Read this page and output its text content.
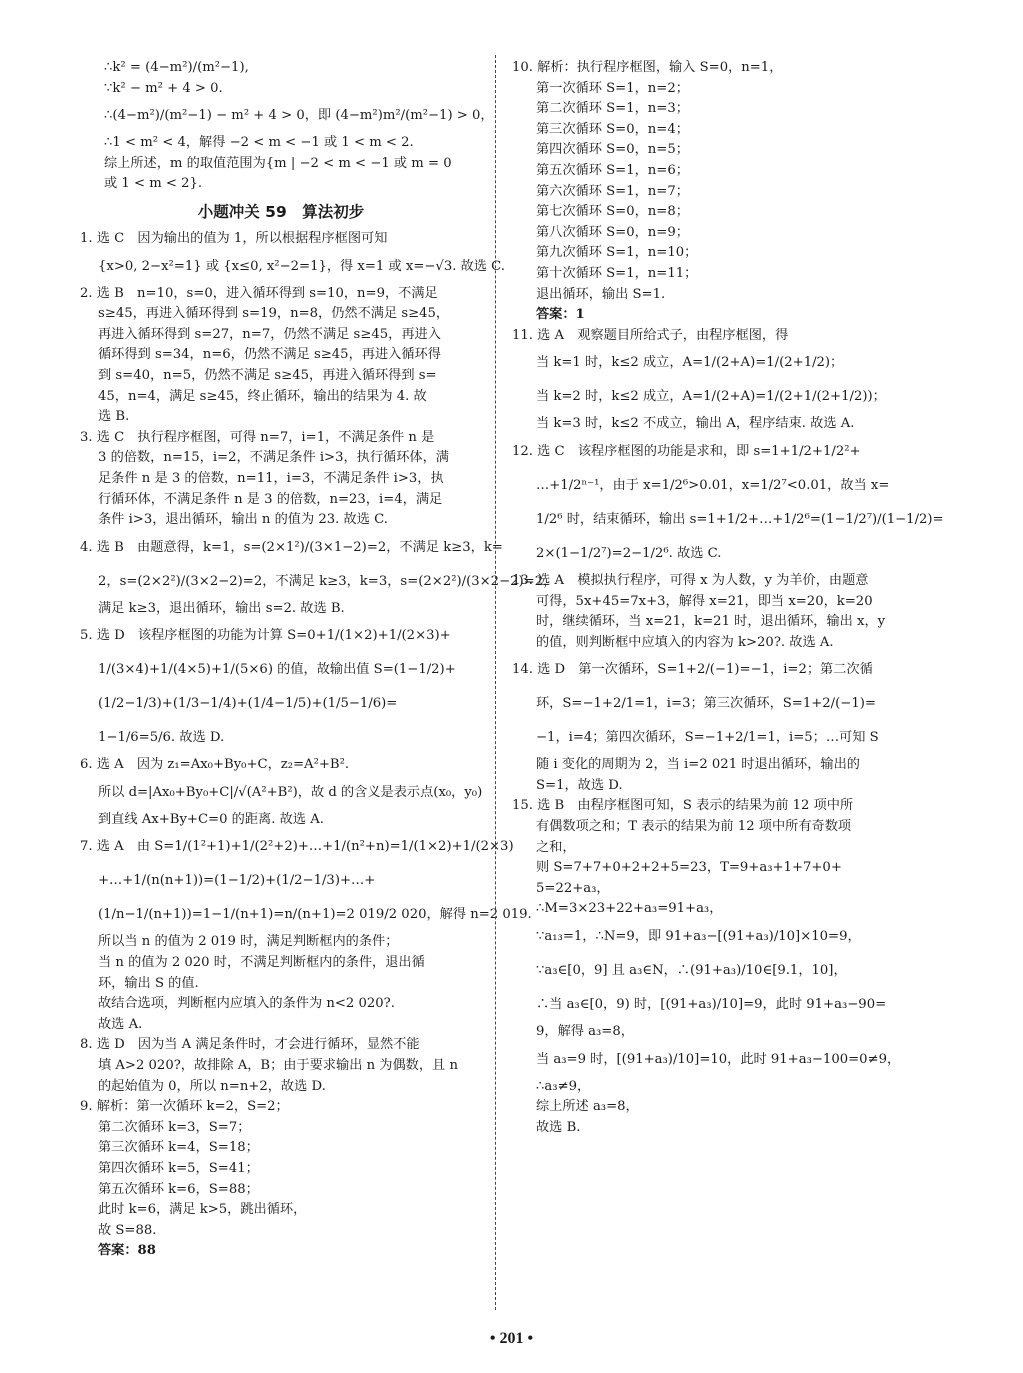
∴k² = (4−m²)/(m²−1),
∵k² − m² + 4 > 0.
∴(4−m²)/(m²−1) − m² + 4 > 0，即 (4−m²)m²/(m²−1) > 0，
∴1 < m² < 4，解得 −2 < m < −1 或 1 < m < 2.
综上所述，m 的取值范围为{m | −2 < m < −1 或 m = 0
或 1 < m < 2}.
小题冲关 59　算法初步
1. 选 C　因为输出的值为 1，所以根据程序框图可知
{x>0, 2−x²=1} 或 {x≤0, x²−2=1}，得 x=1 或 x=−√3. 故选 C.
2. 选 B　n=10，s=0，进入循环得到 s=10，n=9，不满足
s≥45，再进入循环得到 s=19，n=8，仍然不满足 s≥45，
再进入循环得到 s=27，n=7，仍然不满足 s≥45，再进入
循环得到 s=34，n=6，仍然不满足 s≥45，再进入循环得
到 s=40，n=5，仍然不满足 s≥45，再进入循环得到 s=
45，n=4，满足 s≥45，终止循环，输出的结果为 4. 故
选 B.
3. 选 C　执行程序框图，可得 n=7，i=1，不满足条件 n 是
3 的倍数，n=15，i=2，不满足条件 i>3，执行循环体，满
足条件 n 是 3 的倍数，n=11，i=3，不满足条件 i>3，执
行循环体，不满足条件 n 是 3 的倍数，n=23，i=4，满足
条件 i>3，退出循环，输出 n 的值为 23. 故选 C.
4. 选 B　由题意得，k=1，s=(2×1²)/(3×1−2)=2，不满足 k≥3，k=
2，s=(2×2²)/(3×2−2)=2，不满足 k≥3，k=3，s=(2×2²)/(3×2−2)=2，
满足 k≥3，退出循环，输出 s=2. 故选 B.
5. 选 D　该程序框图的功能为计算 S=0+1/(1×2)+1/(2×3)+
1/(3×4)+1/(4×5)+1/(5×6) 的值，故输出值 S=(1−1/2)+
(1/2−1/3)+(1/3−1/4)+(1/4−1/5)+(1/5−1/6)=
1−1/6=5/6. 故选 D.
6. 选 A　因为 z₁=Ax₀+By₀+C，z₂=A²+B².
所以 d=|Ax₀+By₀+C|/√(A²+B²)，故 d 的含义是表示点(x₀，y₀)
到直线 Ax+By+C=0 的距离. 故选 A.
7. 选 A　由 S=1/(1²+1)+1/(2²+2)+…+1/(n²+n)=1/(1×2)+1/(2×3)
+…+1/(n(n+1))=(1−1/2)+(1/2−1/3)+…+
(1/n−1/(n+1))=1−1/(n+1)=n/(n+1)=2 019/2 020，解得 n=2 019.
所以当 n 的值为 2 019 时，满足判断框内的条件；
当 n 的值为 2 020 时，不满足判断框内的条件，退出循
环，输出 S 的值.
故结合选项，判断框内应填入的条件为 n<2 020?.
故选 A.
8. 选 D　因为当 A 满足条件时，才会进行循环，显然不能
填 A>2 020?，故排除 A，B；由于要求输出 n 为偶数，且 n
的起始值为 0，所以 n=n+2，故选 D.
9. 解析：第一次循环 k=2，S=2；
第二次循环 k=3，S=7；
第三次循环 k=4，S=18；
第四次循环 k=5，S=41；
第五次循环 k=6，S=88；
此时 k=6，满足 k>5，跳出循环，
故 S=88.
答案：88
10. 解析：执行程序框图，输入 S=0，n=1，
第一次循环 S=1，n=2；
第二次循环 S=1，n=3；
第三次循环 S=0，n=4；
第四次循环 S=0，n=5；
第五次循环 S=1，n=6；
第六次循环 S=1，n=7；
第七次循环 S=0，n=8；
第八次循环 S=0，n=9；
第九次循环 S=1，n=10；
第十次循环 S=1，n=11；
退出循环，输出 S=1.
答案：1
11. 选 A　观察题目所给式子，由程序框图，得
当 k=1 时，k≤2 成立，A=1/(2+A)=1/(2+1/2)；
当 k=2 时，k≤2 成立，A=1/(2+A)=1/(2+1/(2+1/2))；
当 k=3 时，k≤2 不成立，输出 A，程序结束. 故选 A.
12. 选 C　该程序框图的功能是求和，即 s=1+1/2+1/2²+
…+1/2ⁿ⁻¹，由于 x=1/2⁶>0.01，x=1/2⁷<0.01，故当 x=
1/2⁶ 时，结束循环，输出 s=1+1/2+…+1/2⁶=(1−1/2⁷)/(1−1/2)=
2×(1−1/2⁷)=2−1/2⁶. 故选 C.
13. 选 A　模拟执行程序，可得 x 为人数，y 为羊价，由题意
可得，5x+45=7x+3，解得 x=21，即当 x=20，k=20
时，继续循环，当 x=21，k=21 时，退出循环，输出 x，y
的值，则判断框中应填入的内容为 k>20?. 故选 A.
14. 选 D　第一次循环，S=1+2/(−1)=−1，i=2；第二次循
环，S=−1+2/1=1，i=3；第三次循环，S=1+2/(−1)=
−1，i=4；第四次循环，S=−1+2/1=1，i=5；…可知 S
随 i 变化的周期为 2，当 i=2 021 时退出循环，输出的
S=1，故选 D.
15. 选 B　由程序框图可知，S 表示的结果为前 12 项中所
有偶数项之和；T 表示的结果为前 12 项中所有奇数项
之和，
则 S=7+7+0+2+2+5=23，T=9+a₃+1+7+0+
5=22+a₃，
∴M=3×23+22+a₃=91+a₃，
∵a₁₃=1，∴N=9，即 91+a₃−[(91+a₃)/10]×10=9，
∵a₃∈[0，9] 且 a₃∈N，∴(91+a₃)/10∈[9.1，10]，
∴当 a₃∈[0，9) 时，[(91+a₃)/10]=9，此时 91+a₃−90=
9，解得 a₃=8，
当 a₃=9 时，[(91+a₃)/10]=10，此时 91+a₃−100=0≠9，
∴a₃≠9，
综上所述 a₃=8，
故选 B.
• 201 •
